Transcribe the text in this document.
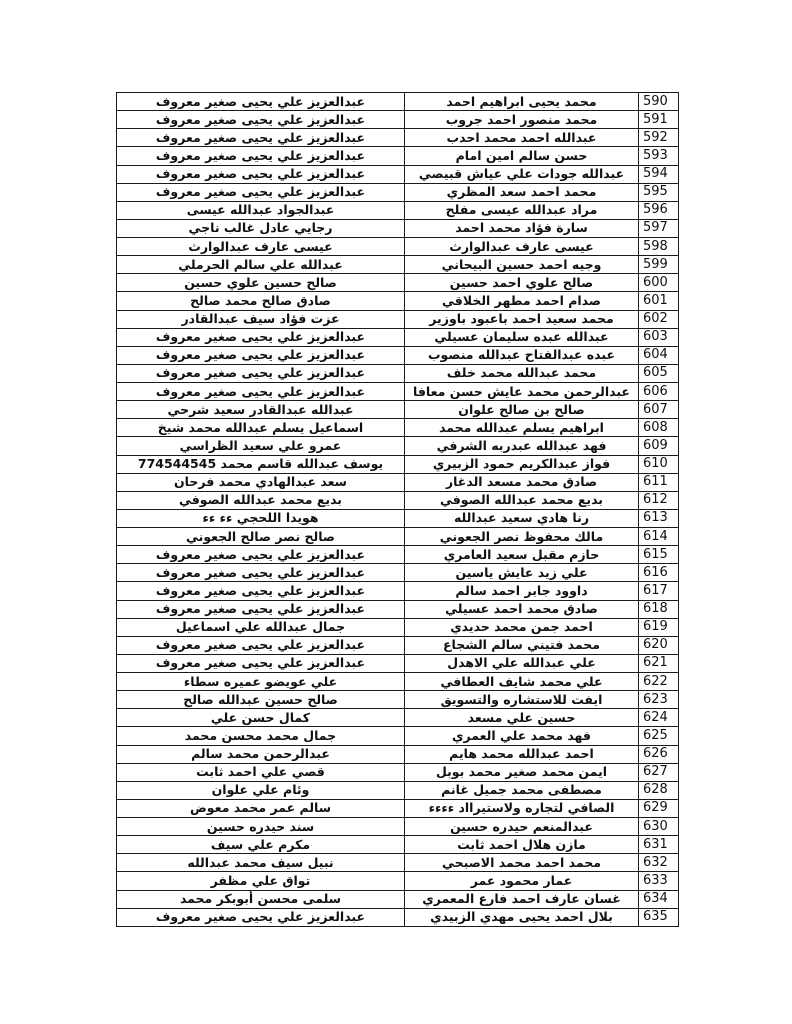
عبدالعزيز علي يحيى صغير معروف	محمد يحيى ابراهيم احمد	590
عبدالعزيز علي يحيى صغير معروف	محمد منصور احمد جروب	591
عبدالعزيز علي يحيى صغير معروف	عبدالله احمد محمد احدب	592
عبدالعزيز علي يحيى صغير معروف	حسن سالم امين امام	593
عبدالعزيز علي يحيى صغير معروف	عبدالله جودات علي عياش قبيصي	594
عبدالعزيز علي يحيى صغير معروف	محمد احمد سعد المظري	595
عبدالجواد عبدالله عيسى	مراد عبدالله عيسى مفلح	596
رجايي عادل غالب ناجي	سارة فؤاد محمد احمد	597
عيسى عارف عبدالوارث	عيسى عارف عبدالوارث	598
عبدالله علي سالم الحرملي	وجيه احمد حسين البيحاني	599
صالح حسين علوي حسين	صالح علوي احمد حسين	600
صادق صالح محمد صالح	صدام احمد مطهر الخلاقي	601
عزت فؤاد سيف عبدالقادر	محمد سعيد احمد باعبود باوزير	602
عبدالعزيز علي يحيى صغير معروف	عبدالله عبده سليمان عسيلي	603
عبدالعزيز علي يحيى صغير معروف	عبده عبدالفتاح عبدالله منصوب	604
عبدالعزيز علي يحيى صغير معروف	محمد عبدالله محمد خلف	605
عبدالعزيز علي يحيى صغير معروف	عبدالرحمن محمد عايش حسن معافا	606
عبدالله عبدالقادر سعيد شرحي	صالح بن صالح علوان	607
اسماعيل يسلم عبدالله محمد شيخ	ابراهيم يسلم عبدالله محمد	608
عمرو علي سعيد الظراسي	فهد عبدالله عبدربه الشرفي	609
يوسف عبدالله قاسم محمد 774544545	فواز عبدالكريم حمود الزبيري	610
سعد عبدالهادي محمد فرحان	صادق محمد مسعد الدغار	611
بديع محمد عبدالله الصوفي	بديع محمد عبدالله الصوفي	612
هويدا اللحجي ءء ءء	رنا هادي سعيد عبدالله	613
صالح نصر صالح الجعوني	مالك محفوظ نصر الجعوني	614
عبدالعزيز علي يحيى صغير معروف	حازم مقبل سعيد العامري	615
عبدالعزيز علي يحيى صغير معروف	علي زيد عايش ياسين	616
عبدالعزيز علي يحيى صغير معروف	داوود جابر احمد سالم	617
عبدالعزيز علي يحيى صغير معروف	صادق محمد احمد عسيلي	618
جمال عبدالله علي اسماعيل	احمد جمن محمد حديدي	619
عبدالعزيز علي يحيى صغير معروف	محمد فتيني سالم الشجاع	620
عبدالعزيز علي يحيى صغير معروف	علي عبدالله علي الاهدل	621
علي عويضو عميره سطاء	علي محمد شايف العطافي	622
صالح حسين عبدالله صالح	ايفت للاستشاره والتسويق	623
كمال حسن علي	حسين علي مسعد	624
جمال محمد محسن محمد	فهد محمد علي العمري	625
عبدالرحمن محمد سالم	احمد عبدالله محمد هايم	626
قصي علي احمد ثابت	ايمن محمد صغير محمد بوبل	627
وئام علي علوان	مصطفى محمد جميل غانم	628
سالم عمر محمد معوض	الصافي لتجاره ولاستيرااد ءءءء	629
سند حيدره حسين	عبدالمنعم حيدره حسين	630
مكرم علي سيف	مازن هلال احمد ثابت	631
نبيل سيف محمد عبدالله	محمد احمد محمد الاصبحي	632
تواق علي مظفر	عمار محمود عمر	633
سلمى محسن أبوبكر محمد	غسان عارف احمد فارع المعمري	634
عبدالعزيز علي يحيى صغير معروف	بلال احمد يحيى مهدي الزبيدي	635
